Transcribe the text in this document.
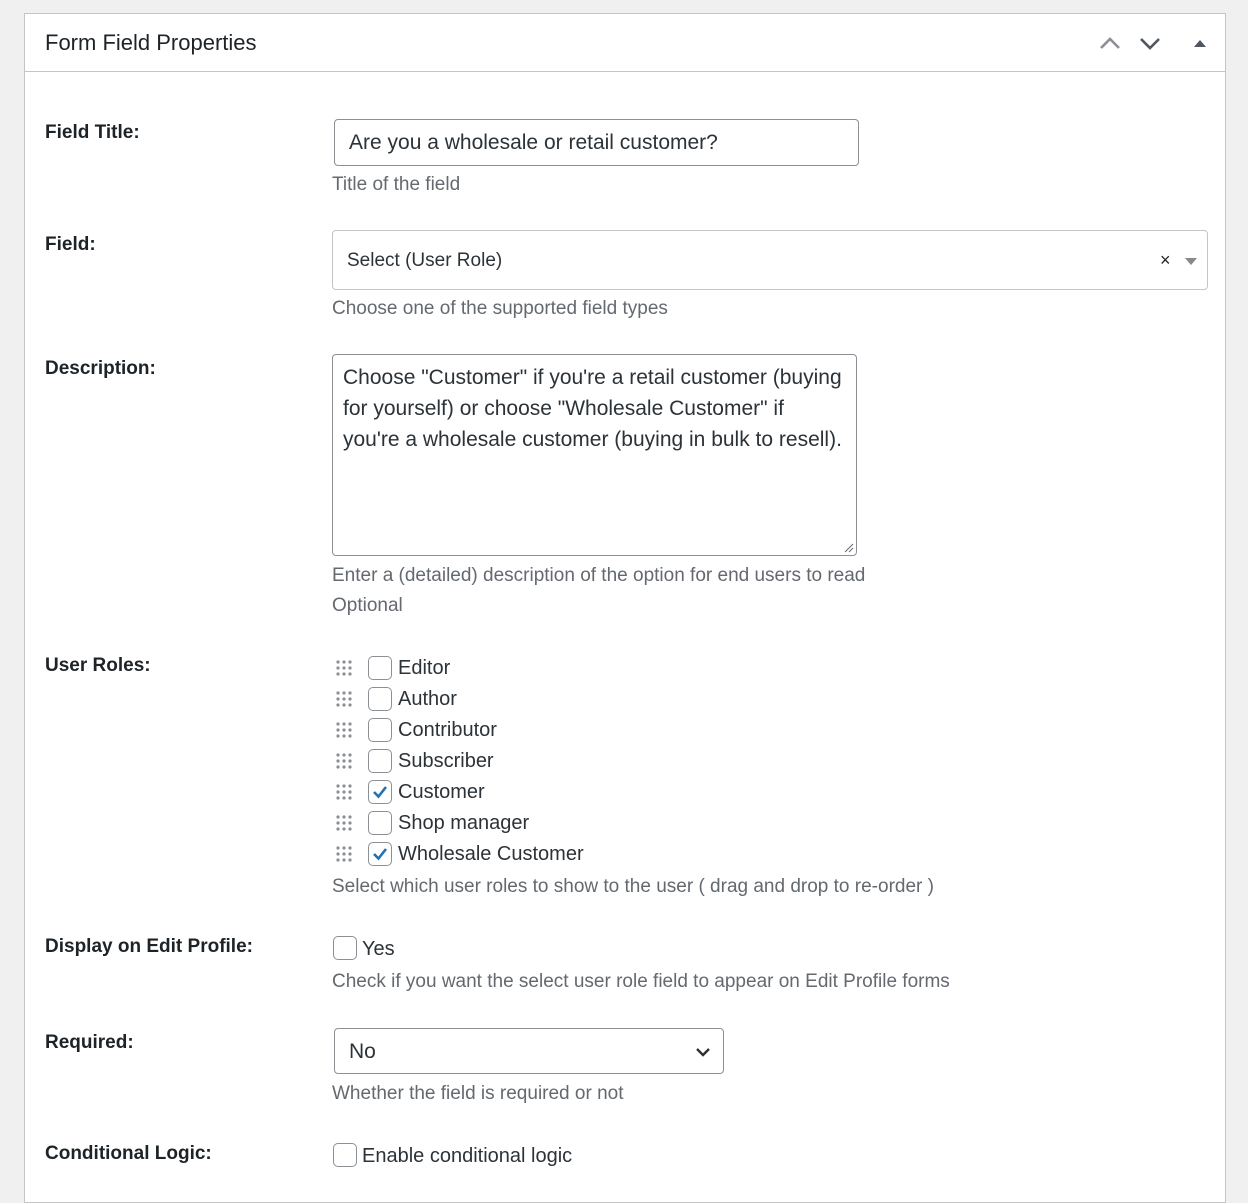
Form Field Properties
Field Title:	Are you a wholesale or retail customer?
Title of the field
Field:
Select (User Role)	×
Choose one of the supported field types
Description:	Choose "Customer" if you're a retail customer (buying for yourself) or choose "Wholesale Customer" if you're a wholesale customer (buying in bulk to resell).
Enter a (detailed) description of the option for end users to read
Optional
User Roles:	Editor
Author
Contributor
Subscriber
Customer
Shop manager
Wholesale Customer
Select which user roles to show to the user ( drag and drop to re-order )
Display on Edit Profile:	Yes
Check if you want the select user role field to appear on Edit Profile forms
Required:	No
Whether the field is required or not
Conditional Logic:	Enable conditional logic
